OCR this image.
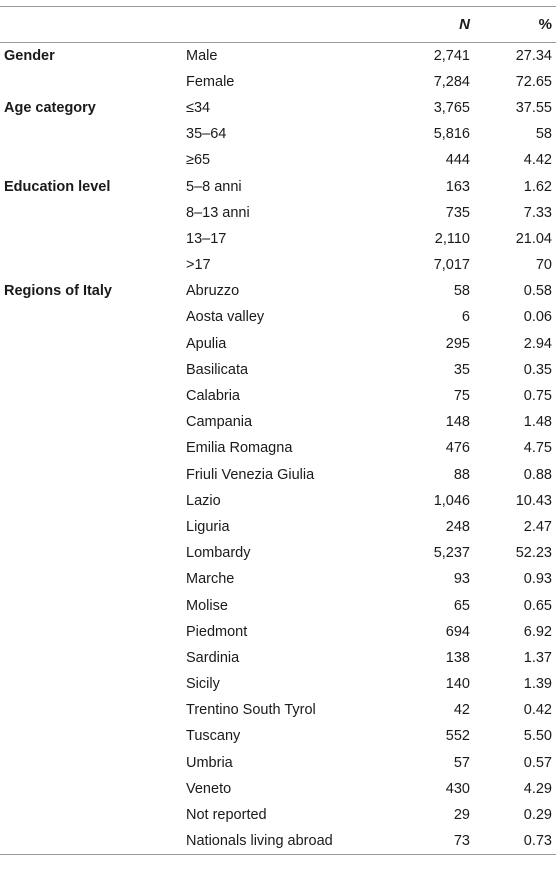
		N	%
Gender	Male	2,741	27.34
	Female	7,284	72.65
Age category	≤34	3,765	37.55
	35–64	5,816	58
	≥65	444	4.42
Education level	5–8 anni	163	1.62
	8–13 anni	735	7.33
	13–17	2,110	21.04
	>17	7,017	70
Regions of Italy	Abruzzo	58	0.58
	Aosta valley	6	0.06
	Apulia	295	2.94
	Basilicata	35	0.35
	Calabria	75	0.75
	Campania	148	1.48
	Emilia Romagna	476	4.75
	Friuli Venezia Giulia	88	0.88
	Lazio	1,046	10.43
	Liguria	248	2.47
	Lombardy	5,237	52.23
	Marche	93	0.93
	Molise	65	0.65
	Piedmont	694	6.92
	Sardinia	138	1.37
	Sicily	140	1.39
	Trentino South Tyrol	42	0.42
	Tuscany	552	5.50
	Umbria	57	0.57
	Veneto	430	4.29
	Not reported	29	0.29
	Nationals living abroad	73	0.73
